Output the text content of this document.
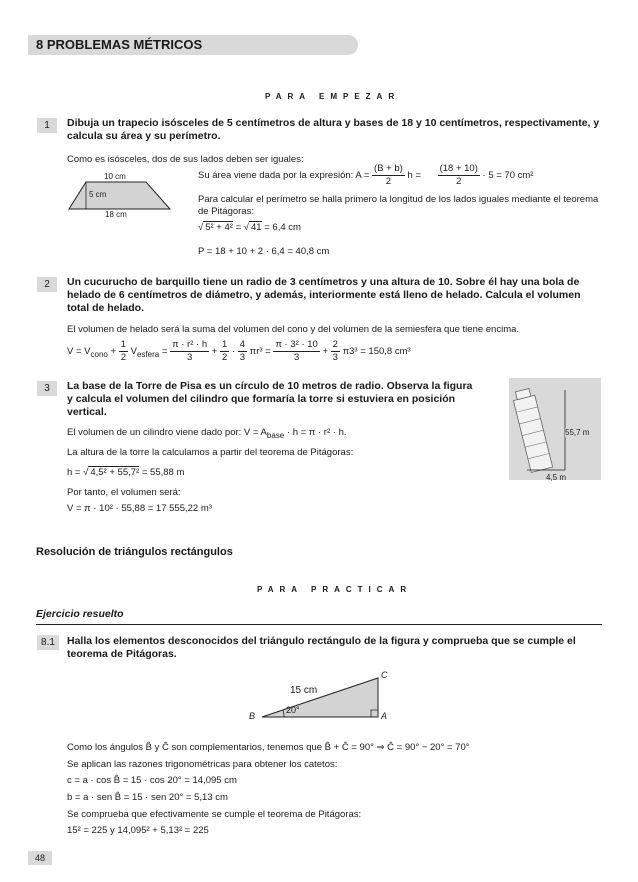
8 PROBLEMAS MÉTRICOS
PARA EMPEZAR
1	Dibuja un trapecio isósceles de 5 centímetros de altura y bases de 18 y 10 centímetros, respectivamente, y calcula su área y su perímetro.
Como es isósceles, dos de sus lados deben ser iguales:
10 cm
5 cm
18 cm
Su área viene dada por la expresión: $A = \frac{(B + b)}{2}$ $h = \frac{(18 + 10)}{2} \cdot 5 = 70$ cm²
Para calcular el perímetro se halla primero la longitud de los lados iguales mediante el teorema de Pitágoras:
√ 5² + 4² = √ 41 = 6,4 cm
P = 18 + 10 + 2 · 6,4 = 40,8 cm
2	Un cucurucho de barquillo tiene un radio de 3 centímetros y una altura de 10. Sobre él hay una bola de helado de 6 centímetros de diámetro, y además, interiormente está lleno de helado. Calcula el volumen total de helado.
El volumen de helado será la suma del volumen del cono y del volumen de la semiesfera que tiene encima.
$V = V_{cono} + \frac{1}{2} V_{esfera} = \frac{\text{π · r² · h}}{3} + \frac{1}{2} \cdot \frac{4}{3} \pi r^3 = \frac{\text{π · 3² · 10}}{3} + \frac{2}{3} \pi 3^3 = 150,8$ cm³
3	La base de la Torre de Pisa es un círculo de 10 metros de radio. Observa la figura y calcula el volumen del cilindro que formaría la torre si estuviera en posición vertical.
El volumen de un cilindro viene dado por: $V = A_{base} \cdot h = \pi \cdot r^2 \cdot h$.
La altura de la torre la calculamos a partir del teorema de Pitágoras:
h = √ 4,5² + 55,7² = 55,88 m
Por tanto, el volumen será:
V = π · 10² · 55,88 = 17 555,22 m³
55,7 m
4,5 m
Resolución de triángulos rectángulos
PARA PRACTICAR
Ejercicio resuelto
8.1	Halla los elementos desconocidos del triángulo rectángulo de la figura y comprueba que se cumple el teorema de Pitágoras.
15 cm
20°
B	A
C
Como los ángulos B̂ y Ĉ son complementarios, tenemos que B̂ + Ĉ = 90° ⇒ Ĉ = 90° − 20° = 70°
Se aplican las razones trigonométricas para obtener los catetos:
c = a · cos B̂ = 15 · cos 20° = 14,095 cm
b = a · sen B̂ = 15 · sen 20° = 5,13 cm
Se comprueba que efectivamente se cumple el teorema de Pitágoras:
15² = 225 y 14,095² + 5,13² = 225
48
